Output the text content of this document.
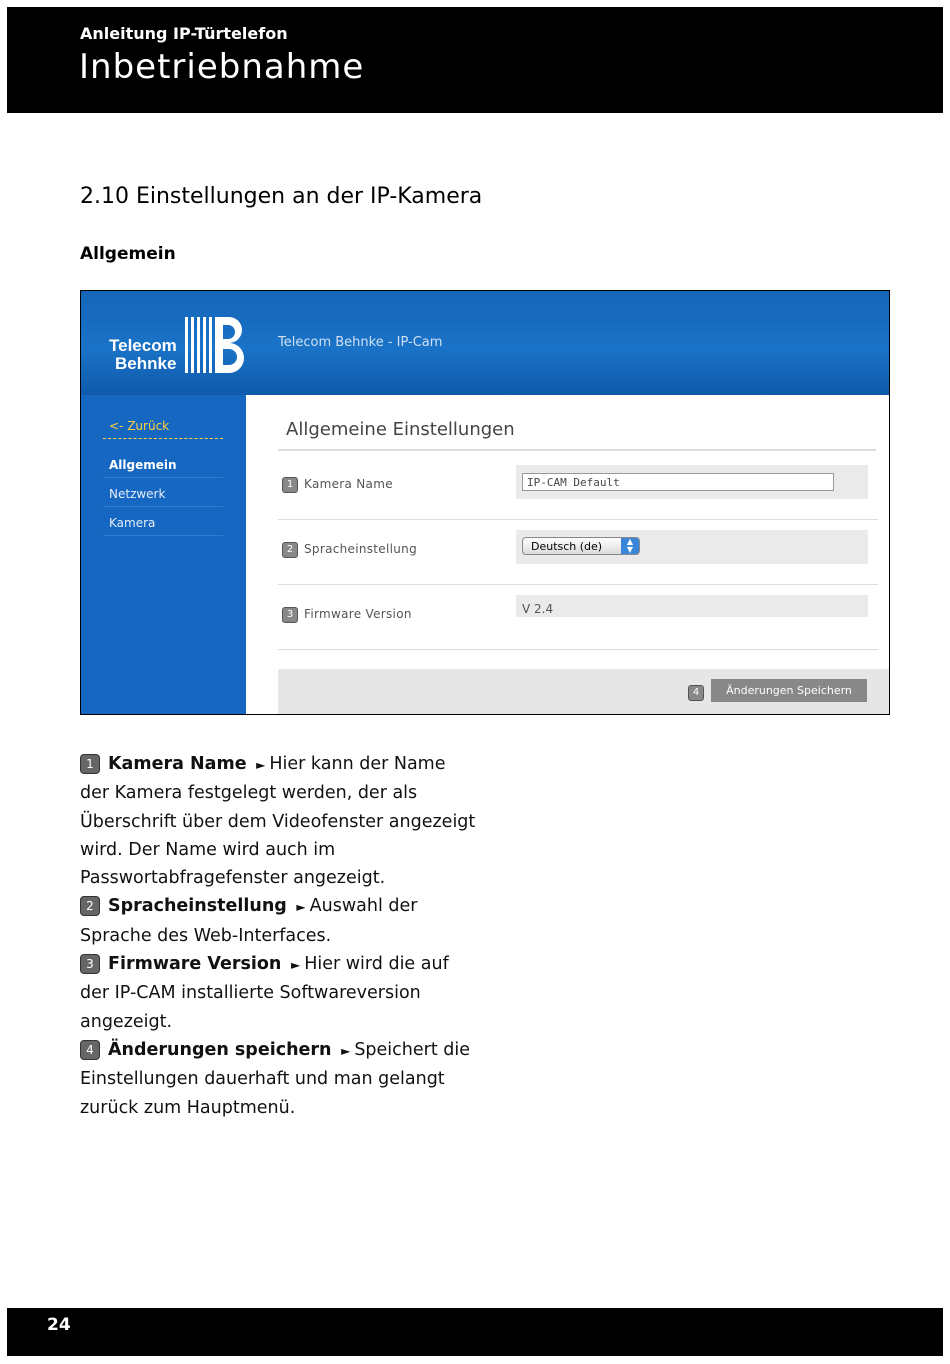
Anleitung IP-Türtelefon
Inbetriebnahme
2.10 Einstellungen an der IP-Kamera
Allgemein
Telecom
Behnke
Telecom Behnke - IP-Cam
<- Zurück
Allgemein
Netzwerk
Kamera
Allgemeine Einstellungen
1 Kamera Name	IP-CAM Default
2 Spracheinstellung	Deutsch (de)	▲
▼
3 Firmware Version	V 2.4
4	Änderungen Speichern

1 Kamera Name ► Hier kann der Name der Kamera festgelegt werden, der als Überschrift über dem Videofenster angezeigt wird. Der Name wird auch im Passwortabfragefenster angezeigt.

2 Spracheinstellung ► Auswahl der Sprache des Web-Interfaces.

3 Firmware Version ► Hier wird die auf der IP-CAM installierte Softwareversion angezeigt.

4 Änderungen speichern ► Speichert die Einstellungen dauerhaft und man gelangt zurück zum Hauptmenü.

24
